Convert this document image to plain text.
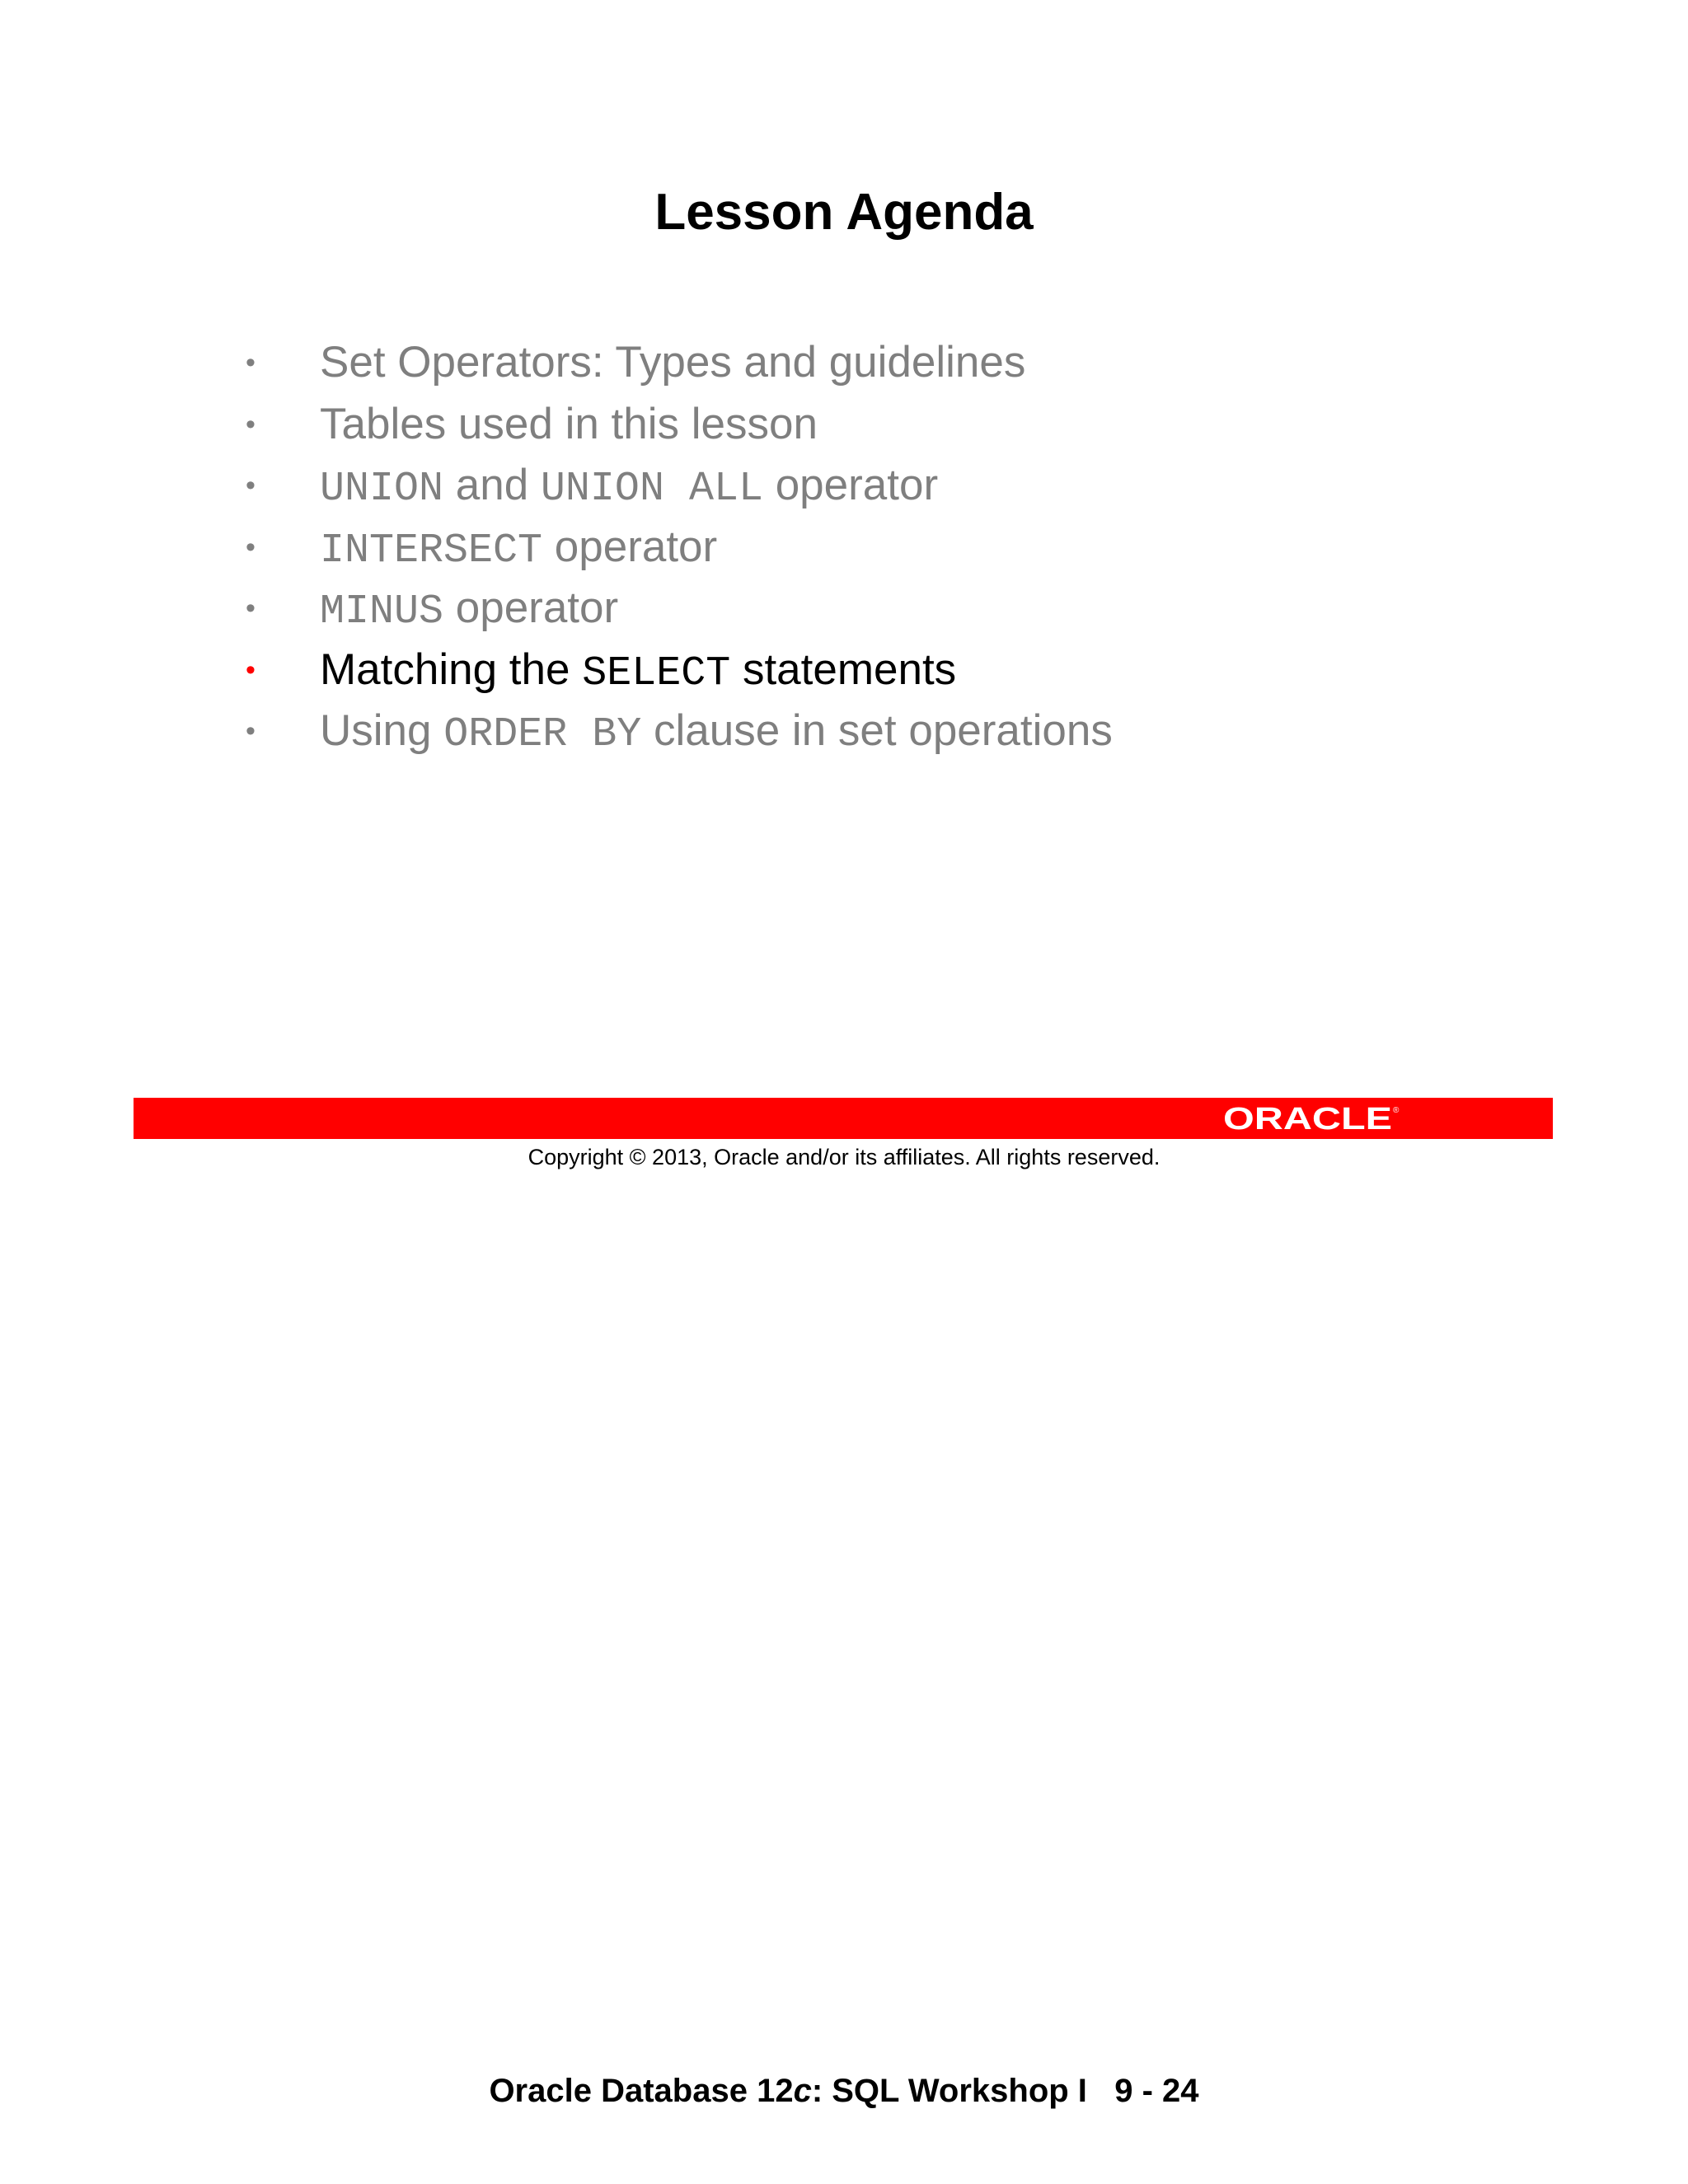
Lesson Agenda
• Set Operators: Types and guidelines
• Tables used in this lesson
• UNION and UNION ALL operator
• INTERSECT operator
• MINUS operator
• Matching the SELECT statements
• Using ORDER BY clause in set operations
ORACLE ®
Copyright © 2013, Oracle and/or its affiliates. All rights reserved.
Oracle Database 12c: SQL Workshop I   9 - 24
